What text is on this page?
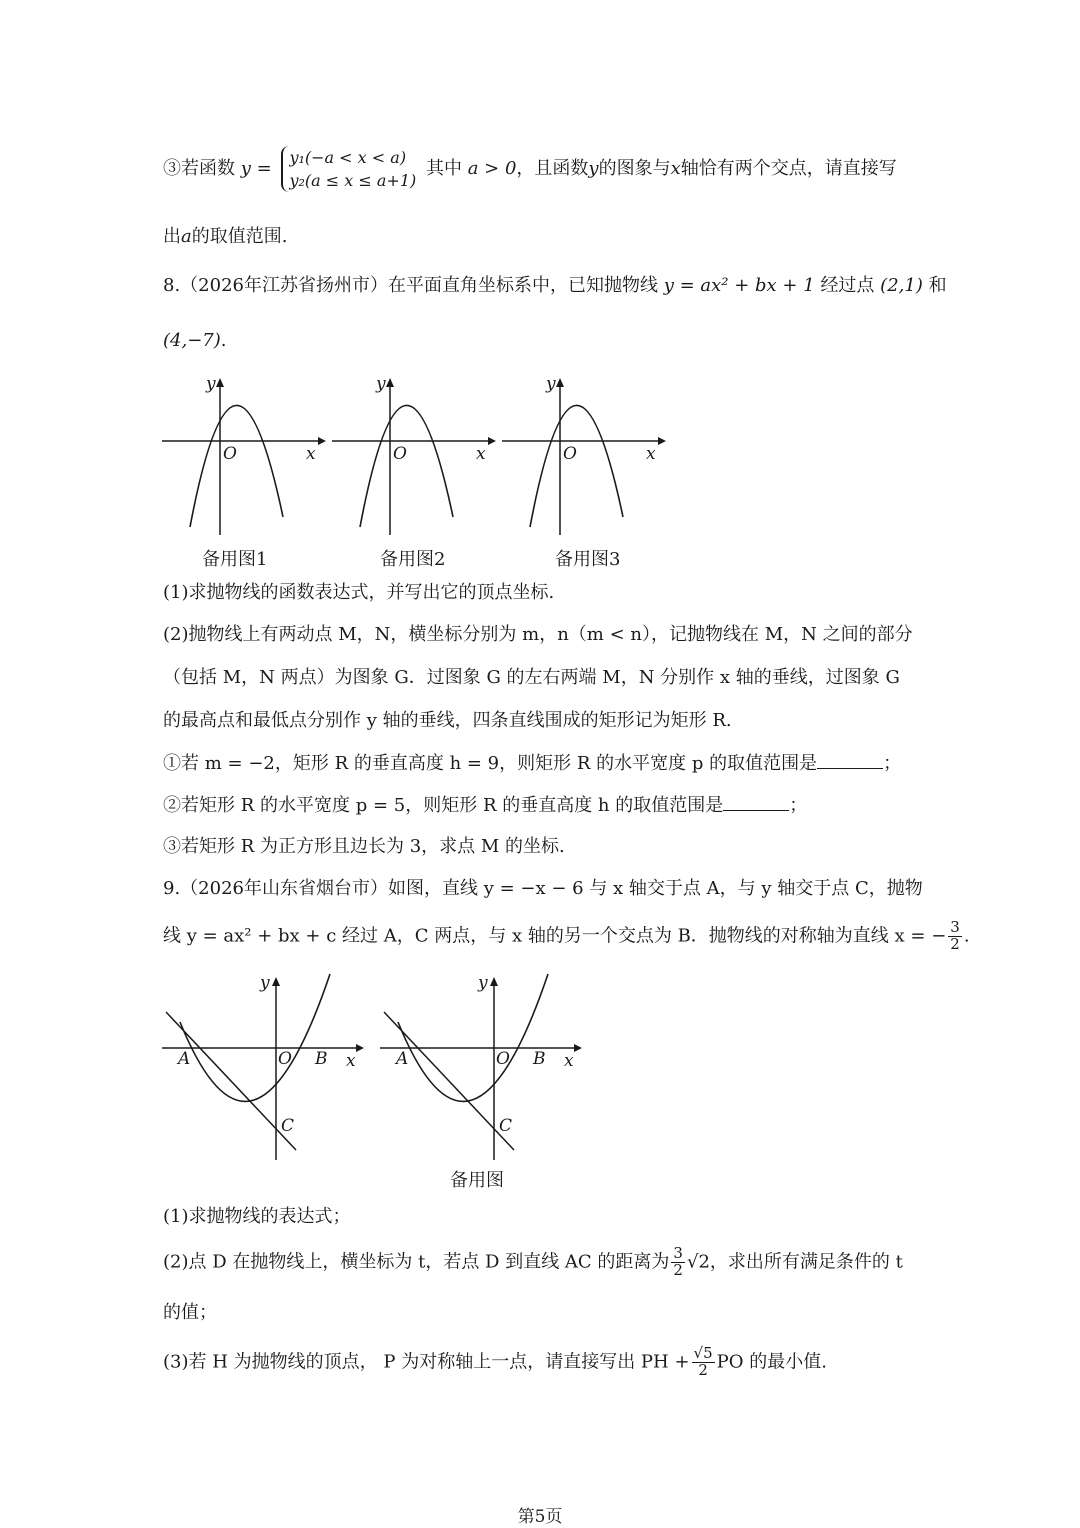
③若函数 y = y₁(−a < x < a)
y₂(a ≤ x ≤ a+1) 其中 a > 0，且函数y的图象与x轴恰有两个交点，请直接写
出a的取值范围.
8.（2026年江苏省扬州市）在平面直角坐标系中，已知抛物线 y = ax² + bx + 1 经过点 (2,1) 和
(4,−7).
y
x
O
y
x
O
y
x
O
备用图1	备用图2	备用图3
(1)求抛物线的函数表达式，并写出它的顶点坐标.
(2)抛物线上有两动点 M，N，横坐标分别为 m，n（m < n），记抛物线在 M，N 之间的部分
（包括 M，N 两点）为图象 G．过图象 G 的左右两端 M，N 分别作 x 轴的垂线，过图象 G
的最高点和最低点分别作 y 轴的垂线，四条直线围成的矩形记为矩形 R.
①若 m = −2，矩形 R 的垂直高度 h = 9，则矩形 R 的水平宽度 p 的取值范围是	；
②若矩形 R 的水平宽度 p = 5，则矩形 R 的垂直高度 h 的取值范围是	；
③若矩形 R 为正方形且边长为 3，求点 M 的坐标.
9.（2026年山东省烟台市）如图，直线 y = −x − 6 与 x 轴交于点 A，与 y 轴交于点 C，抛物
线 y = ax² + bx + c 经过 A，C 两点，与 x 轴的另一个交点为 B．抛物线的对称轴为直线 x = − $\frac{3}{2}$ .
A	O B x
y
C
A	O B x
y
C
备用图
(1)求抛物线的表达式；
(2)点 D 在抛物线上，横坐标为 t，若点 D 到直线 AC 的距离为 $\frac{3}{2} √2$，求出所有满足条件的 t
的值；
(3)若 H 为抛物线的顶点， P 为对称轴上一点，请直接写出 PH + $\frac{√5}{2}$ PO 的最小值.
第5页
